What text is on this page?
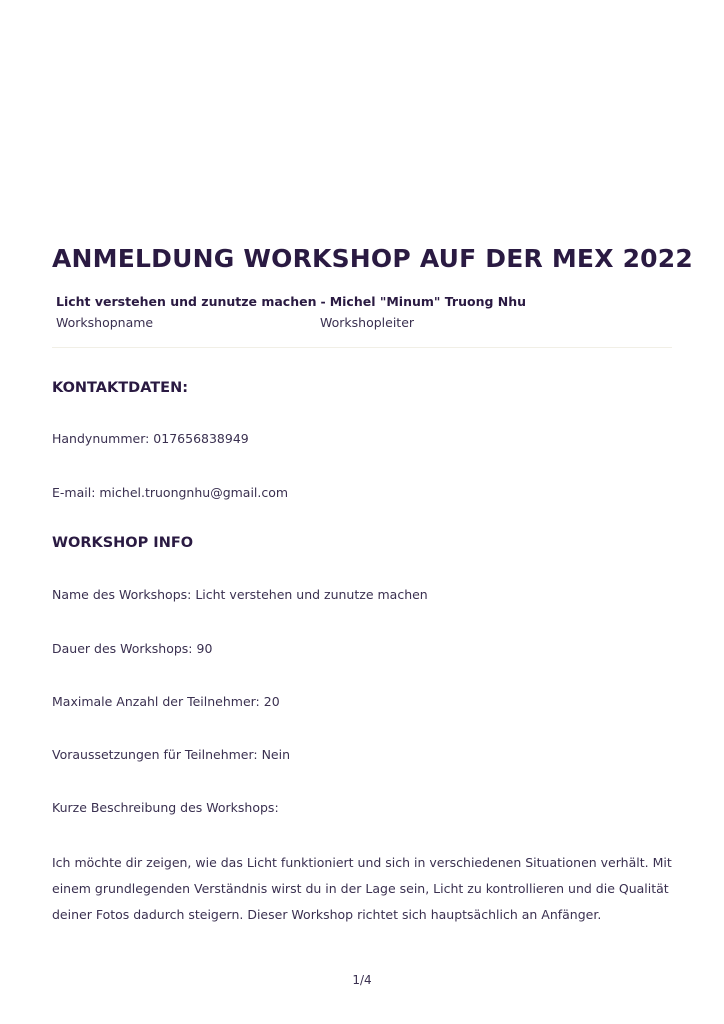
ANMELDUNG WORKSHOP AUF DER MEX 2022
Licht verstehen und zunutze machen - Michel "Minum" Truong Nhu
Workshopname	Workshopleiter
KONTAKTDATEN:
Handynummer: 017656838949
E-mail: michel.truongnhu@gmail.com
WORKSHOP INFO
Name des Workshops: Licht verstehen und zunutze machen
Dauer des Workshops: 90
Maximale Anzahl der Teilnehmer: 20
Voraussetzungen für Teilnehmer: Nein
Kurze Beschreibung des Workshops:
Ich möchte dir zeigen, wie das Licht funktioniert und sich in verschiedenen Situationen verhält. Mit
einem grundlegenden Verständnis wirst du in der Lage sein, Licht zu kontrollieren und die Qualität
deiner Fotos dadurch steigern. Dieser Workshop richtet sich hauptsächlich an Anfänger.
1/4
